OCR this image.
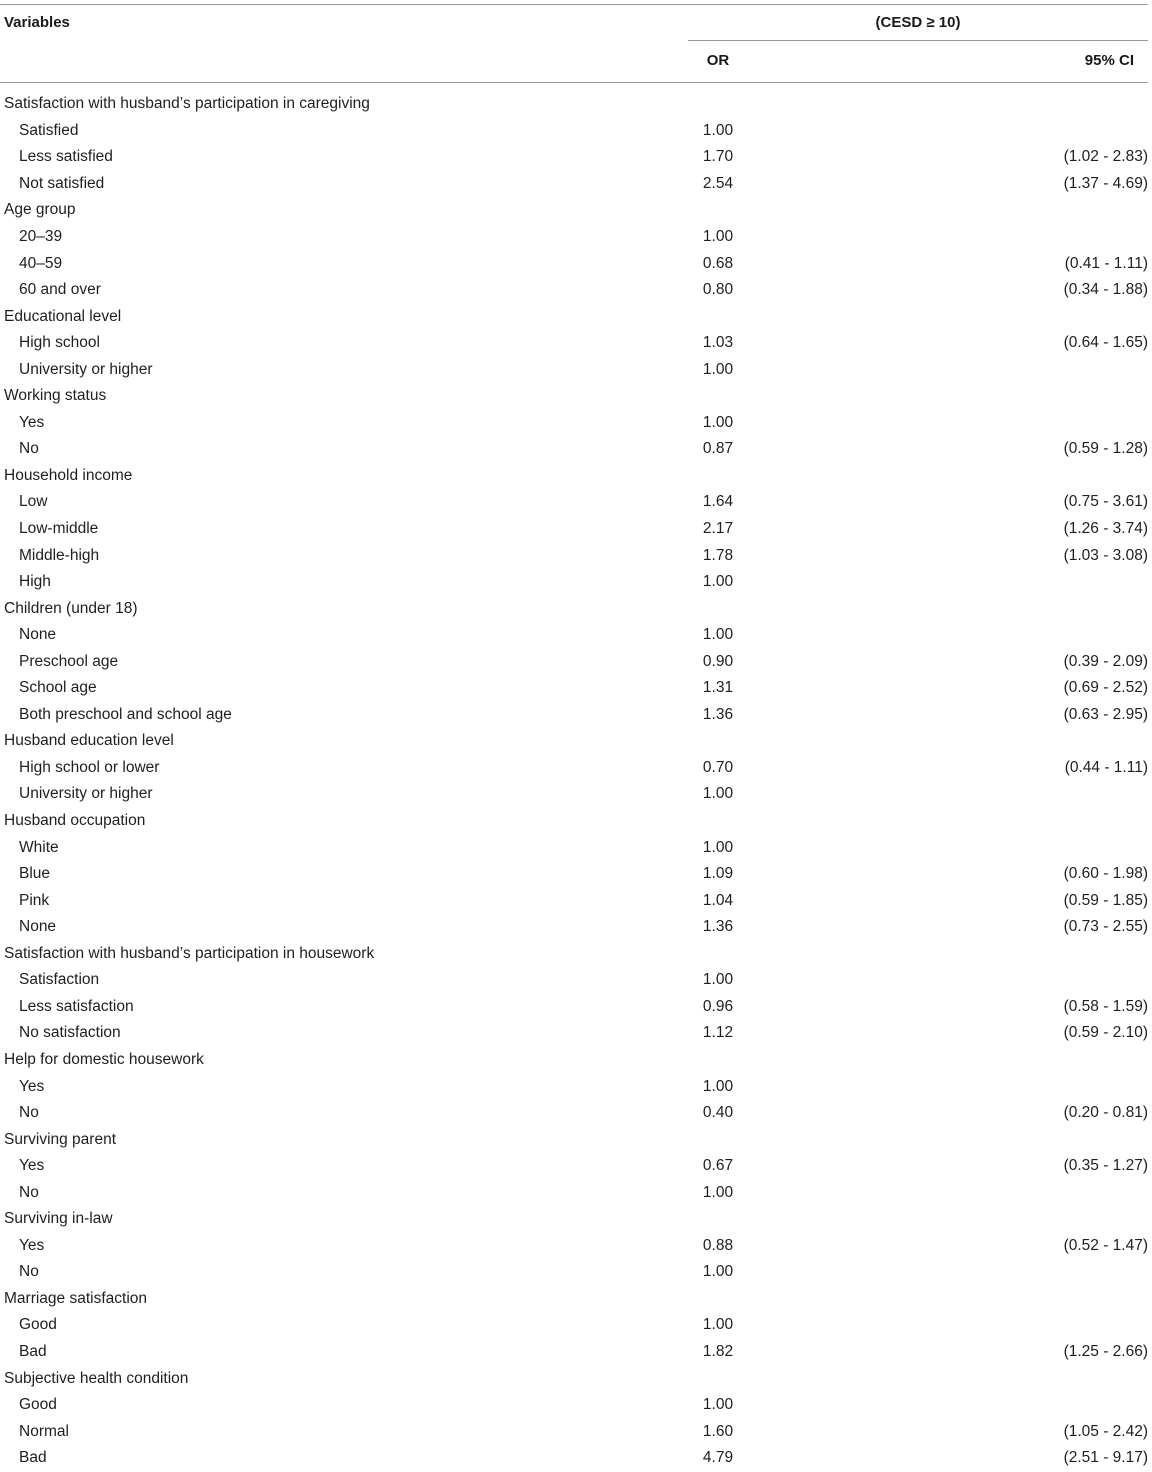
Variables	(CESD ≥ 10)
OR	95% CI
Satisfaction with husband’s participation in caregiving
Satisfied	1.00
Less satisfied	1.70	(1.02 - 2.83)
Not satisfied	2.54	(1.37 - 4.69)
Age group
20–39	1.00
40–59	0.68	(0.41 - 1.11)
60 and over	0.80	(0.34 - 1.88)
Educational level
High school	1.03	(0.64 - 1.65)
University or higher	1.00
Working status
Yes	1.00
No	0.87	(0.59 - 1.28)
Household income
Low	1.64	(0.75 - 3.61)
Low-middle	2.17	(1.26 - 3.74)
Middle-high	1.78	(1.03 - 3.08)
High	1.00
Children (under 18)
None	1.00
Preschool age	0.90	(0.39 - 2.09)
School age	1.31	(0.69 - 2.52)
Both preschool and school age	1.36	(0.63 - 2.95)
Husband education level
High school or lower	0.70	(0.44 - 1.11)
University or higher	1.00
Husband occupation
White	1.00
Blue	1.09	(0.60 - 1.98)
Pink	1.04	(0.59 - 1.85)
None	1.36	(0.73 - 2.55)
Satisfaction with husband’s participation in housework
Satisfaction	1.00
Less satisfaction	0.96	(0.58 - 1.59)
No satisfaction	1.12	(0.59 - 2.10)
Help for domestic housework
Yes	1.00
No	0.40	(0.20 - 0.81)
Surviving parent
Yes	0.67	(0.35 - 1.27)
No	1.00
Surviving in-law
Yes	0.88	(0.52 - 1.47)
No	1.00
Marriage satisfaction
Good	1.00
Bad	1.82	(1.25 - 2.66)
Subjective health condition
Good	1.00
Normal	1.60	(1.05 - 2.42)
Bad	4.79	(2.51 - 9.17)
